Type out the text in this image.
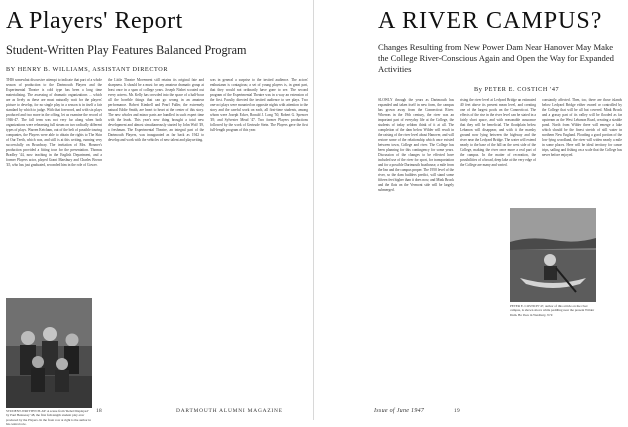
A Players' Report
Student-Written Play Features Balanced Program
BY HENRY B. WILLIAMS, ASSISTANT DIRECTOR

THIS somewhat discursive attempt to indicate that part of a whole season of production to the Dartmouth Players and the Experimental Theatre is cold type has been a long time materializing. The assessing of dramatic organizations ... which are as lively as these are must naturally wait for the players' picture to develop, for no single play in a season is in itself a fair standard by which to judge. With that foreword, and with six plays produced and two more in the offing, let us examine the record of 1946-47. The fall term was not very far along when both organizations were rehearsing full steam on two radically different types of plays. Warren Ketcham, out of the belt of possible touring companies, the Players were able to obtain the rights to The Skin of Our Teeth, which was, and still is at this writing, running very successfully on Broadway. The invitation of Mrs. Hosmer's production provided a fitting tour for the presentation. Thomas Bradley '44, now teaching in the English Department, and a former Players actor, played Grant Marsbury and Charles Brown '45, who has just graduated, seconded him in the role of Gower.

the Little Theatre Movement still retains its original fate and sharpness. It should be a must for any amateur dramatic group at least once in a span of college years. Joseph Nisbet scouted out every actress. Mr. Kelly has crowded into the space of a half-hour all the horrible things that can go wrong in an amateur performance. Robert Kimbell and Pearl Fuller, the extremely natural Eddie Smith, are heart to heart at the center of this story. The new wholes and minor parts are handled in such expert time with the leads. This year's new thing brought a total new development and almost simultaneously started by John Wolf '49, a freshman. The Experimental Theatre, an integral part of the Dartmouth Players, was inaugurated as far back as 1942 to develop and work with the vehicles of new talent and playwriting.

was in general a surprise to the invited audience. The actors' enthusiasm is contagious; a set of young players is, in great part, that they would not ordinarily have gone to see. The second program of the Experimental Theatre was in a way an extension of the first. Faculty directed the invited audience to see plays. Two one-act plays were mounted on opposite nights with attention to the story and the careful work on each, all first-time students, among whom were Joseph Ecker, Ronald J. Long '50, Robert G. Spencer '49, and Sylvester Mead '47. Two former Players productions followed by the work of Gertrude Stein. The Players gave the first full-length program of this year.

STUDENT-WRITTEN PLAY: A scene from 'Rebel Displayed' by Paul Hennessy '48, the first full-length student play ever produced by the Players. In the front row at right is the author in his central role.
18	DARTMOUTH ALUMNI MAGAZINE
A RIVER CAMPUS?
Changes Resulting from New Power Dam Near Hanover May Make the College River-Conscious Again and Open the Way for Expanded Activities
By PETER E. COSTICH '47

SLOWLY through the years as Dartmouth has expanded and taken itself in new form, the campus has grown away from the Connecticut River. Whereas in the 19th century, the river was an important part of everyday life at the College, the students of today seldom think of it at all. The completion of the dam below Wilder will result in the raising of the river level about Hanover, and will restore some of the relationship which once existed between town, College and river. The College has been planning for this contingency for some years. Discussion of the changes to be effected have included use of the river for sport, for transportation and for a possible Dartmouth boathouse, a mile from the Inn and the campus proper. The 1950 level of the river, so the dam builders predict, will stand some fifteen feet higher than it does now, and Mink Brook and the flats on the Vermont side will be largely submerged.

rising the river level at Ledyard Bridge an estimated 40 feet above its present mean level, and creating one of the largest pools on the Connecticut. The effects of the rise in the river level can be stated in a fairly short space, and with reasonable assurance that they will be beneficial. The floodplain below Lebanon will disappear, and with it the marshy ground now lying between the highway and the river near the Ledyard Bridge. The water will extend nearly to the base of the hill on the west side of the College, making the river once more a real part of the campus. In the matter of recreation, the possibilities of a broad, deep lake at the very edge of the College are many and varied.

constantly affected. Then, too, there are those islands below Ledyard Bridge either owned or controlled by the College that will be all but covered. Mink Brook and a grassy part of its valley will be flooded as far upstream as the West Lebanon Road, creating a sizable pond. North from Wilder there will emerge a lake which should be the finest stretch of still water in northern New England. Flooding a good portion of the low-lying woodland, the river will widen nearly a mile in some places. Here will be ideal territory for canoe trips, sailing and fishing on a scale that the College has never before enjoyed.

PETER E. COSTICH '47, author of this article on the river campus, is shown above while paddling near the present Wilder Dam. He lives in Westbury, N.Y.
Issue of June 1947	19
